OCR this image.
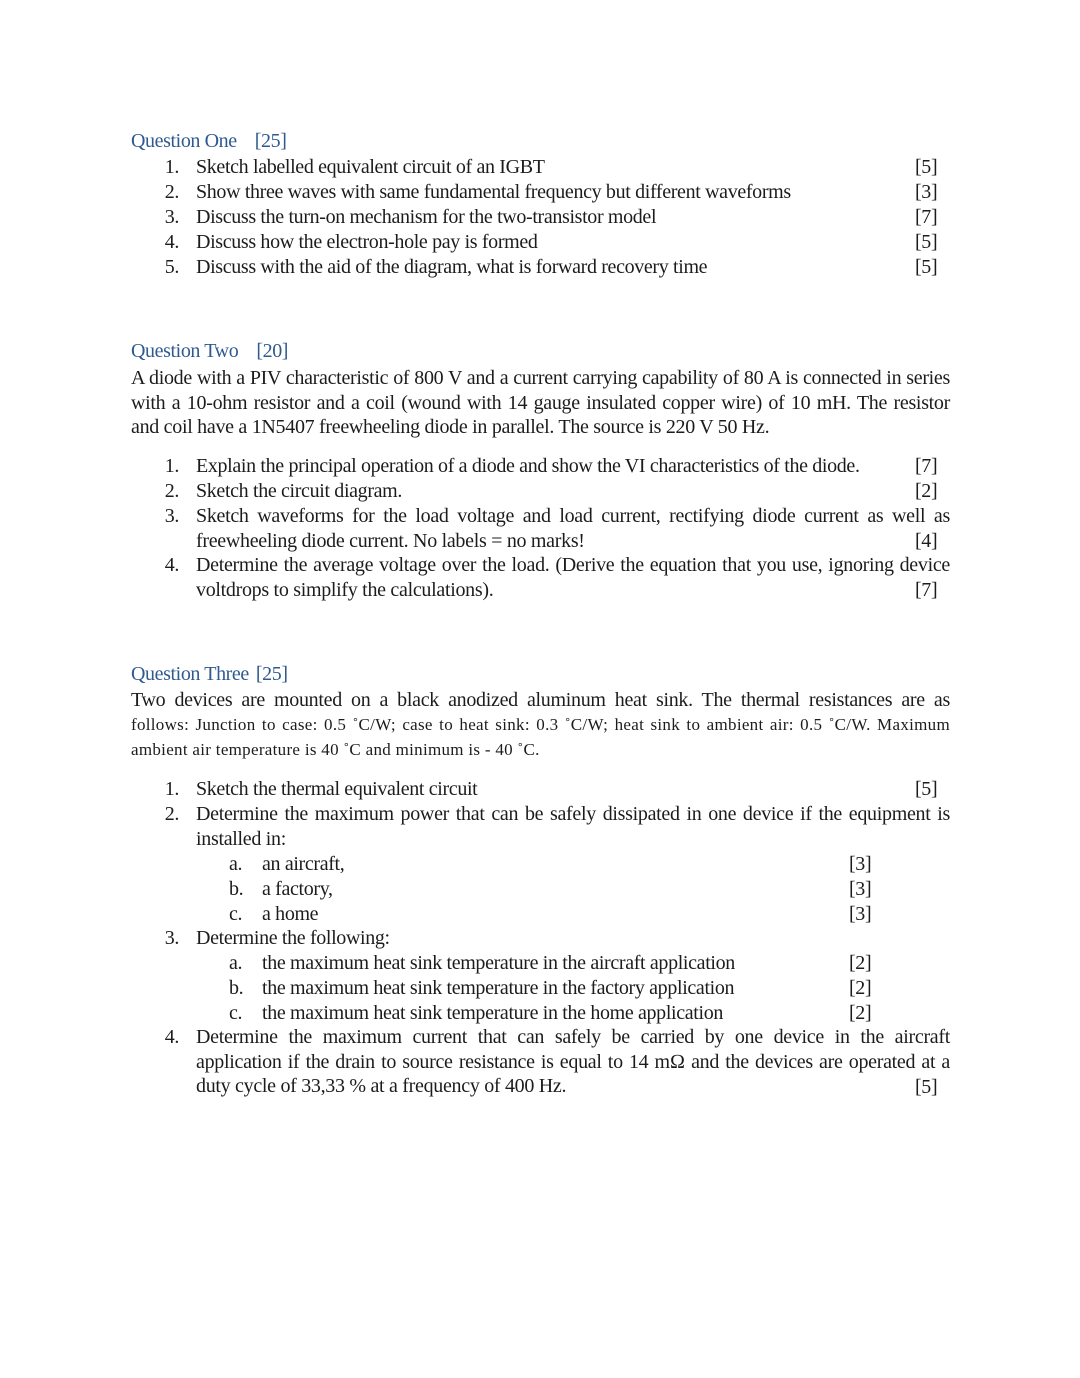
Question One [25]
1. Sketch labelled equivalent circuit of an IGBT	[5]
2. Show three waves with same fundamental frequency but different waveforms	[3]
3. Discuss the turn-on mechanism for the two-transistor model	[7]
4. Discuss how the electron-hole pay is formed	[5]
5. Discuss with the aid of the diagram, what is forward recovery time	[5]
Question Two [20]
A diode with a PIV characteristic of 800 V and a current carrying capability of 80 A is connected in series with a 10-ohm resistor and a coil (wound with 14 gauge insulated copper wire) of 10 mH. The resistor and coil have a 1N5407 freewheeling diode in parallel. The source is 220 V 50 Hz.
1. Explain the principal operation of a diode and show the VI characteristics of the diode.	[7]
2. Sketch the circuit diagram.	[2]
3. Sketch waveforms for the load voltage and load current, rectifying diode current as well as freewheeling diode current. No labels = no marks!	[4]
4. Determine the average voltage over the load. (Derive the equation that you use, ignoring device voltdrops to simplify the calculations).	[7]
Question Three [25]
Two devices are mounted on a black anodized aluminum heat sink. The thermal resistances are as
follows: Junction to case: 0.5 ˚C/W; case to heat sink: 0.3 ˚C/W; heat sink to ambient air: 0.5 ˚C/W. Maximum ambient air temperature is 40 ˚C and minimum is - 40 ˚C.
1. Sketch the thermal equivalent circuit	[5]
2. Determine the maximum power that can be safely dissipated in one device if the equipment is installed in:
a. an aircraft,	[3]
b. a factory,	[3]
c. a home	[3]
3. Determine the following:
a. the maximum heat sink temperature in the aircraft application	[2]
b. the maximum heat sink temperature in the factory application	[2]
c. the maximum heat sink temperature in the home application	[2]
4. Determine the maximum current that can safely be carried by one device in the aircraft application if the drain to source resistance is equal to 14 mΩ and the devices are operated at a duty cycle of 33,33 % at a frequency of 400 Hz.	[5]
